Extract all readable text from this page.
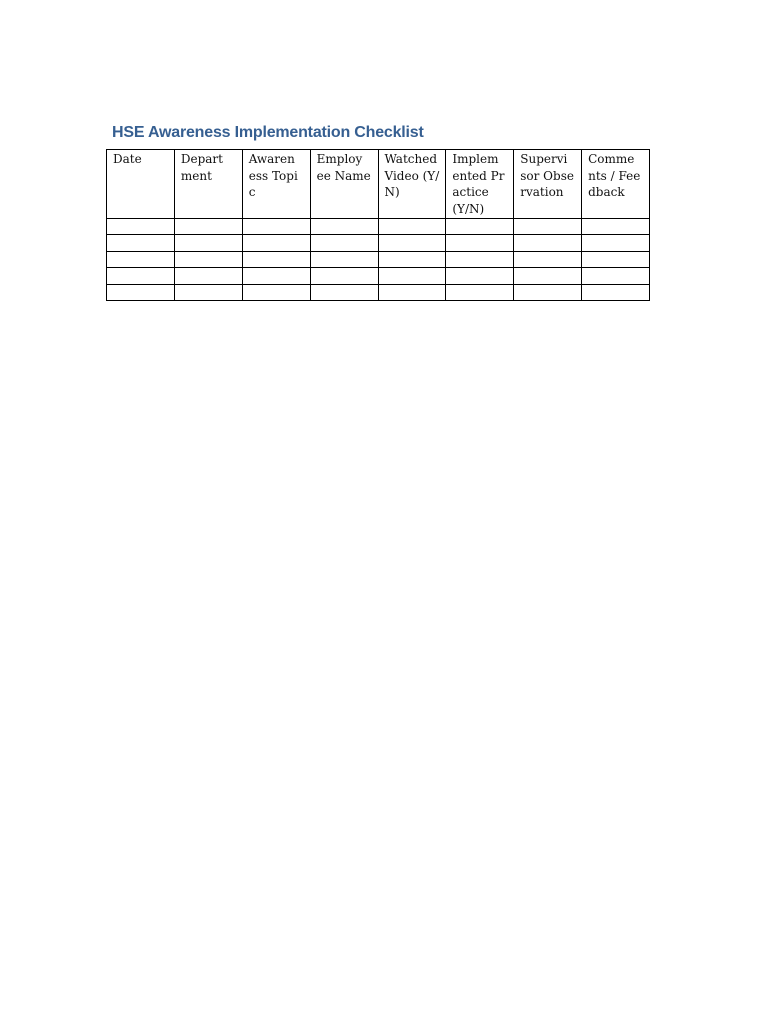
HSE Awareness Implementation Checklist
Date	Department	Awareness Topic	Employee Name	Watched Video (Y/N)	Implemented Practice (Y/N)	Supervisor Observation	Comments / Feedback
